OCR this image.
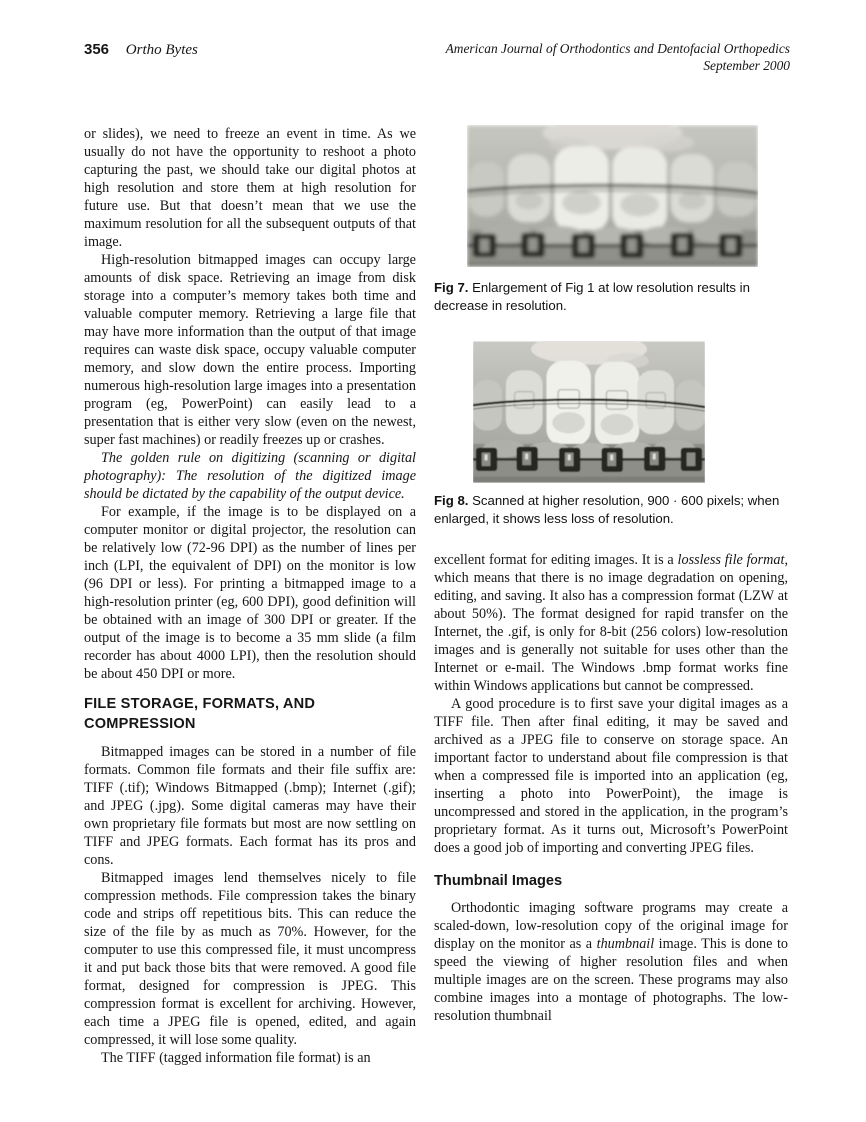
356 Ortho Bytes	American Journal of Orthodontics and Dentofacial Orthopedics
September 2000

or slides), we need to freeze an event in time. As we usually do not have the opportunity to reshoot a photo capturing the past, we should take our digital photos at high resolution and store them at high resolution for future use. But that doesn’t mean that we use the maximum resolution for all the subsequent outputs of that image.

High-resolution bitmapped images can occupy large amounts of disk space. Retrieving an image from disk storage into a computer’s memory takes both time and valuable computer memory. Retrieving a large file that may have more information than the output of that image requires can waste disk space, occupy valuable computer memory, and slow down the entire process. Importing numerous high-resolution large images into a presentation program (eg, PowerPoint) can easily lead to a presentation that is either very slow (even on the newest, super fast machines) or readily freezes up or crashes.

The golden rule on digitizing (scanning or digital photography): The resolution of the digitized image should be dictated by the capability of the output device.

For example, if the image is to be displayed on a computer monitor or digital projector, the resolution can be relatively low (72-96 DPI) as the number of lines per inch (LPI, the equivalent of DPI) on the monitor is low (96 DPI or less). For printing a bitmapped image to a high-resolution printer (eg, 600 DPI), good definition will be obtained with an image of 300 DPI or greater. If the output of the image is to become a 35 mm slide (a film recorder has about 4000 LPI), then the resolution should be about 450 DPI or more.

FILE STORAGE, FORMATS, AND COMPRESSION

Bitmapped images can be stored in a number of file formats. Common file formats and their file suffix are: TIFF (.tif); Windows Bitmapped (.bmp); Internet (.gif); and JPEG (.jpg). Some digital cameras may have their own proprietary file formats but most are now settling on TIFF and JPEG formats. Each format has its pros and cons.

Bitmapped images lend themselves nicely to file compression methods. File compression takes the binary code and strips off repetitious bits. This can reduce the size of the file by as much as 70%. However, for the computer to use this compressed file, it must uncompress it and put back those bits that were removed. A good file format, designed for compression is JPEG. This compression format is excellent for archiving. However, each time a JPEG file is opened, edited, and again compressed, it will lose some quality.

The TIFF (tagged information file format) is an

Fig 7. Enlargement of Fig 1 at low resolution results in decrease in resolution.
Fig 8. Scanned at higher resolution, 900 · 600 pixels; when enlarged, it shows less loss of resolution.

excellent format for editing images. It is a lossless file format, which means that there is no image degradation on opening, editing, and saving. It also has a compression format (LZW at about 50%). The format designed for rapid transfer on the Internet, the .gif, is only for 8-bit (256 colors) low-resolution images and is generally not suitable for uses other than the Internet or e-mail. The Windows .bmp format works fine within Windows applications but cannot be compressed.

A good procedure is to first save your digital images as a TIFF file. Then after final editing, it may be saved and archived as a JPEG file to conserve on storage space. An important factor to understand about file compression is that when a compressed file is imported into an application (eg, inserting a photo into PowerPoint), the image is uncompressed and stored in the application, in the program’s proprietary format. As it turns out, Microsoft’s PowerPoint does a good job of importing and converting JPEG files.

Thumbnail Images

Orthodontic imaging software programs may create a scaled-down, low-resolution copy of the original image for display on the monitor as a thumbnail image. This is done to speed the viewing of higher resolution files and when multiple images are on the screen. These programs may also combine images into a montage of photographs. The low-resolution thumbnail
